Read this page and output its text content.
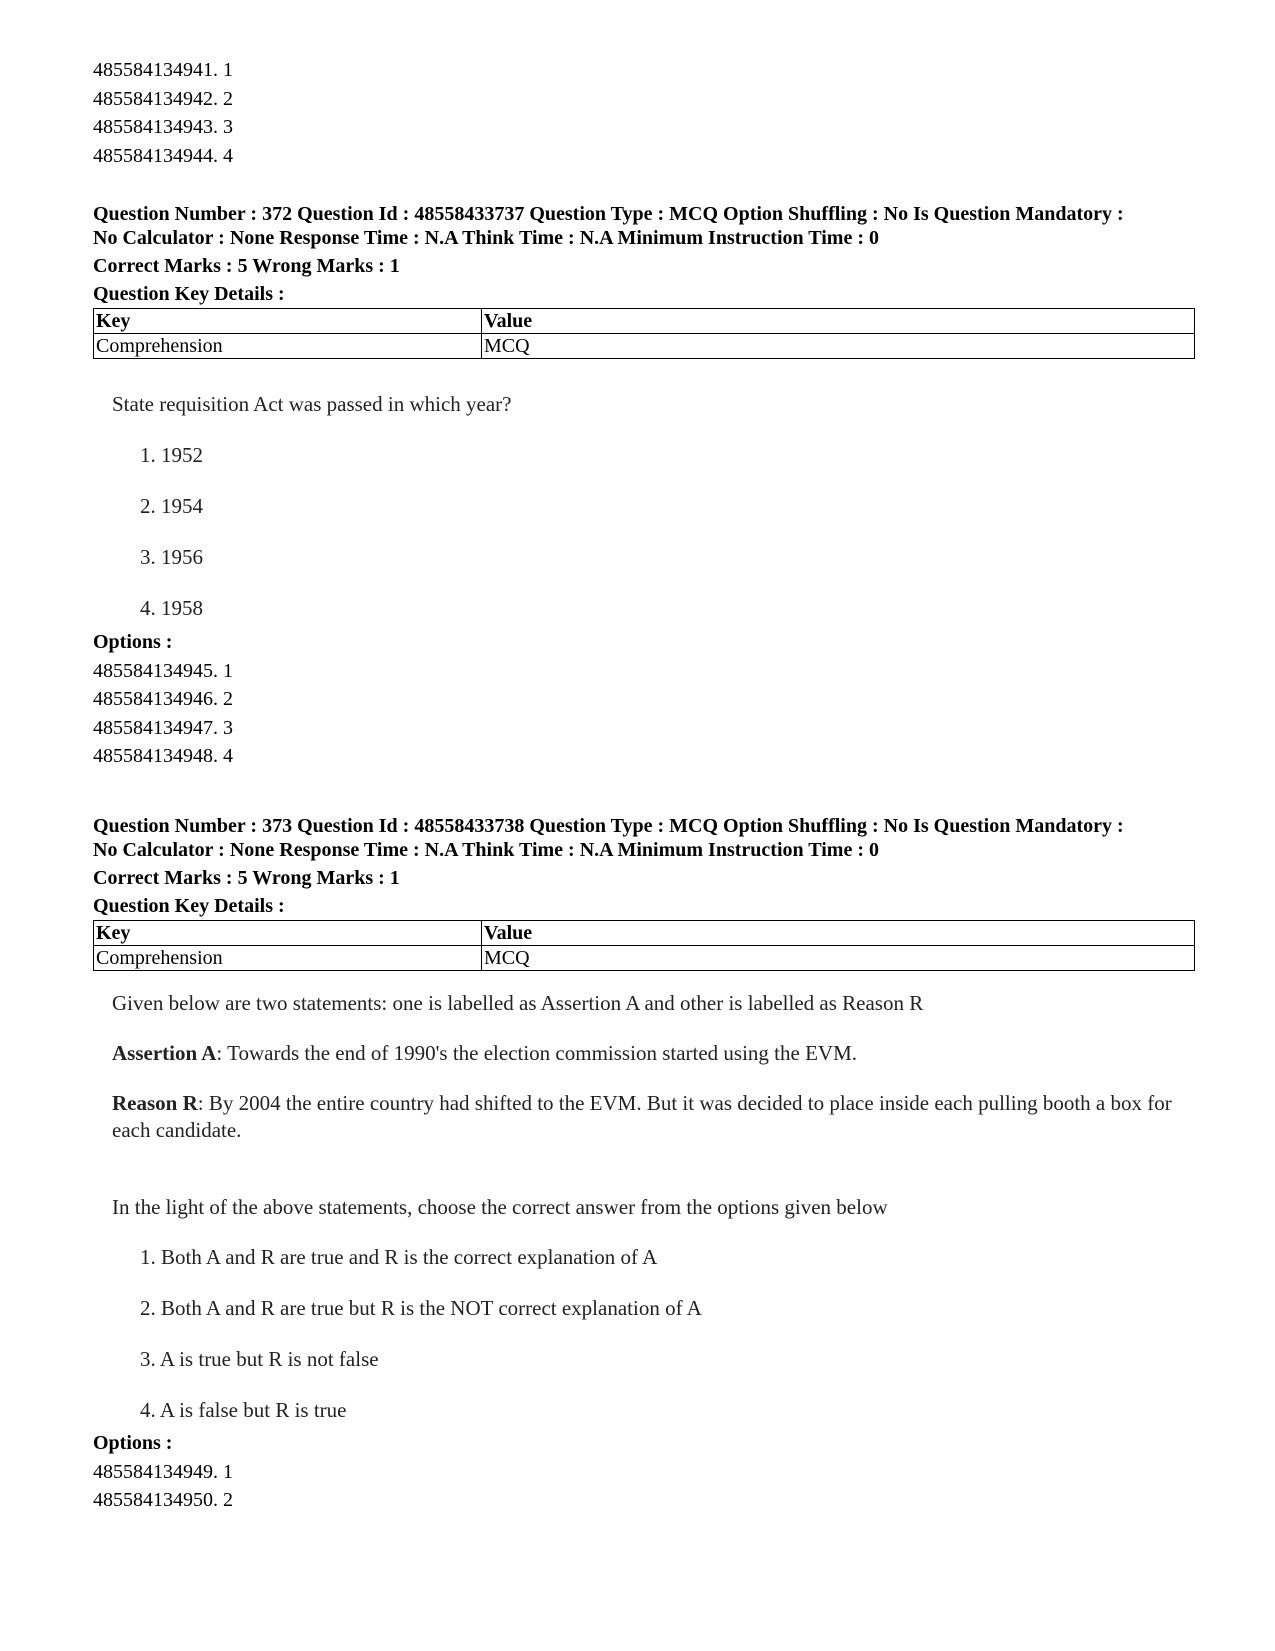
485584134941. 1
485584134942. 2
485584134943. 3
485584134944. 4
Question Number : 372 Question Id : 48558433737 Question Type : MCQ Option Shuffling : No Is Question Mandatory :
No Calculator : None Response Time : N.A Think Time : N.A Minimum Instruction Time : 0
Correct Marks : 5 Wrong Marks : 1
Question Key Details :
Key	Value
Comprehension	MCQ
State requisition Act was passed in which year?
1. 1952
2. 1954
3. 1956
4. 1958
Options :
485584134945. 1
485584134946. 2
485584134947. 3
485584134948. 4
Question Number : 373 Question Id : 48558433738 Question Type : MCQ Option Shuffling : No Is Question Mandatory :
No Calculator : None Response Time : N.A Think Time : N.A Minimum Instruction Time : 0
Correct Marks : 5 Wrong Marks : 1
Question Key Details :
Key	Value
Comprehension	MCQ
Given below are two statements: one is labelled as Assertion A and other is labelled as Reason R
Assertion A: Towards the end of 1990's the election commission started using the EVM.
Reason R: By 2004 the entire country had shifted to the EVM. But it was decided to place inside each pulling booth a box for each candidate.
In the light of the above statements, choose the correct answer from the options given below
1. Both A and R are true and R is the correct explanation of A
2. Both A and R are true but R is the NOT correct explanation of A
3. A is true but R is not false
4. A is false but R is true
Options :
485584134949. 1
485584134950. 2
